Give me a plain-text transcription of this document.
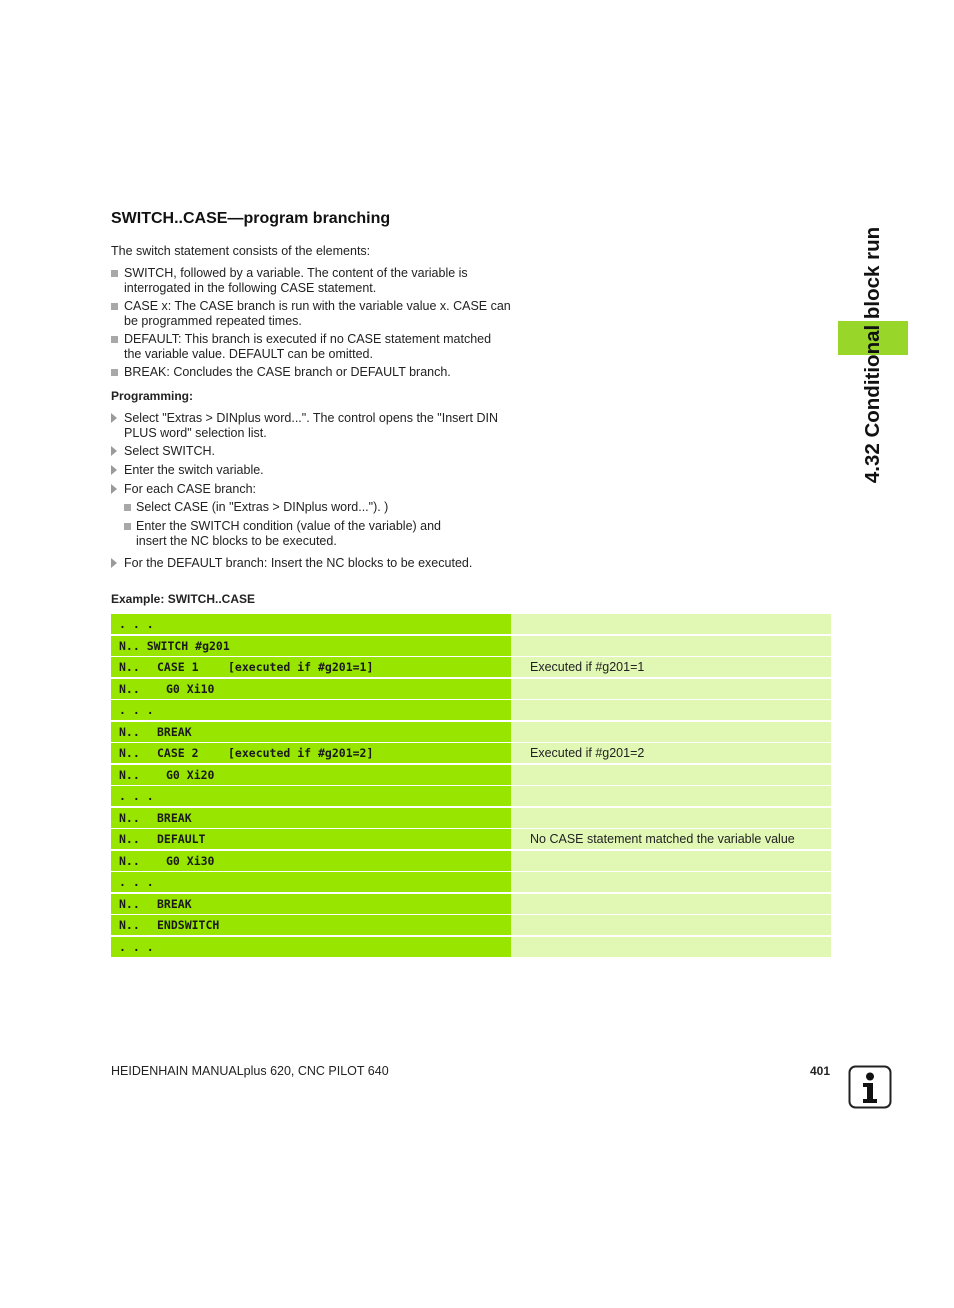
4.32 Conditional block run
SWITCH..CASE—program branching
The switch statement consists of the elements:
SWITCH, followed by a variable. The content of the variable is interrogated in the following CASE statement.
CASE x: The CASE branch is run with the variable value x. CASE can be programmed repeated times.
DEFAULT: This branch is executed if no CASE statement matched the variable value. DEFAULT can be omitted.
BREAK: Concludes the CASE branch or DEFAULT branch.
Programming:
Select "Extras > DINplus word...". The control opens the "Insert DIN PLUS word" selection list.
Select SWITCH.
Enter the switch variable.
For each CASE branch:
Select CASE (in "Extras > DINplus word..."). )
Enter the SWITCH condition (value of the variable) and insert the NC blocks to be executed.
For the DEFAULT branch: Insert the NC blocks to be executed.
Example: SWITCH..CASE
. . .
N.. SWITCH #g201
N.. CASE 1	[executed if #g201=1]	Executed if #g201=1
N.. G0 Xi10
. . .
N.. BREAK
N.. CASE 2	[executed if #g201=2]	Executed if #g201=2
N.. G0 Xi20
. . .
N.. BREAK
N.. DEFAULT	No CASE statement matched the variable value
N.. G0 Xi30
. . .
N.. BREAK
N.. ENDSWITCH
. . .
HEIDENHAIN MANUALplus 620, CNC PILOT 640	401
